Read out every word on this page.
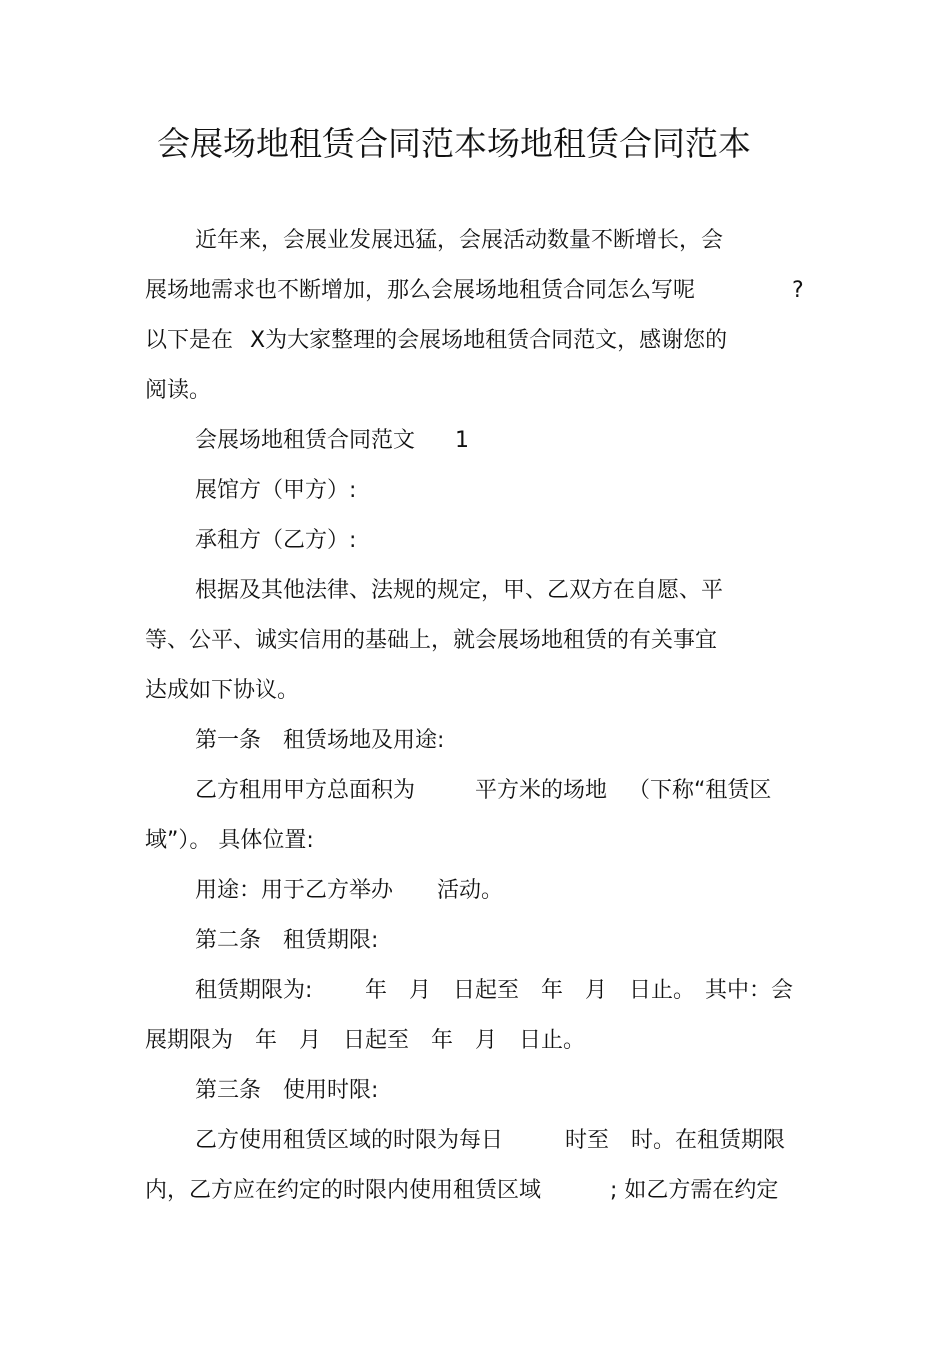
会展场地租赁合同范本场地租赁合同范本
近年来，会展业发展迅猛，会展活动数量不断增长，会
展场地需求也不断增加，那么会展场地租赁合同怎么写呢	?
以下是在 X为大家整理的会展场地租赁合同范文，感谢您的
阅读。
会展场地租赁合同范文 1
展馆方（甲方）:
承租方（乙方）:
根据及其他法律、法规的规定，甲、乙双方在自愿、平
等、公平、诚实信用的基础上，就会展场地租赁的有关事宜
达成如下协议。
第一条　租赁场地及用途:
乙方租用甲方总面积为	平方米的场地 （下称“租赁区
域”）。 具体位置:
用途：用于乙方举办 活动。
第二条　租赁期限:
租赁期限为: 年　月　日起至　年　月　日止。 其中：会
展期限为　年　月　日起至　年　月　日止。
第三条　使用时限:
乙方使用租赁区域的时限为每日	时至　时。在租赁期限
内，乙方应在约定的时限内使用租赁区域	; 如乙方需在约定
